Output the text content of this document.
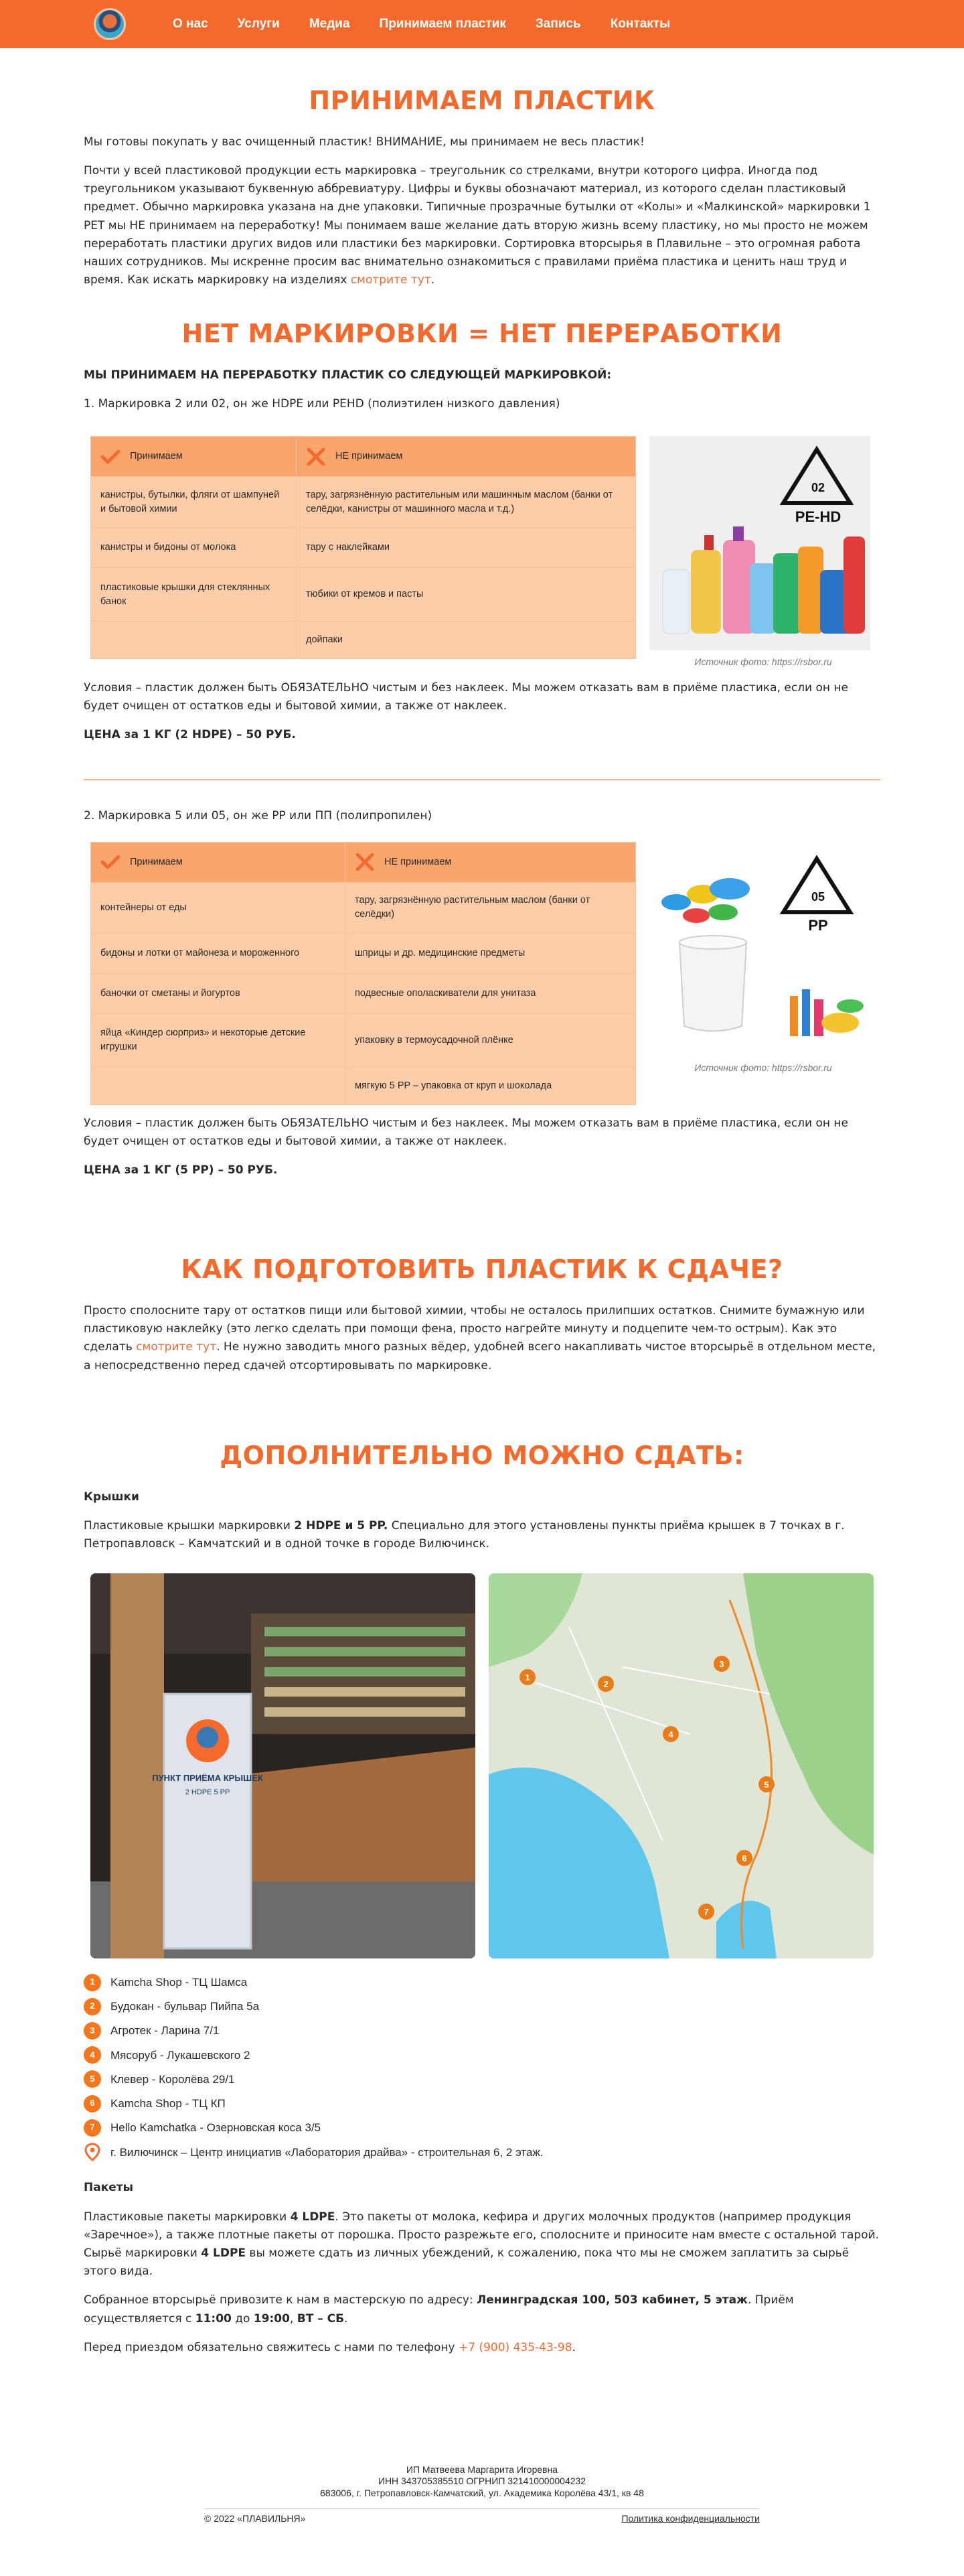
О нас Услуги Медиа Принимаем пластик Запись Контакты
ПРИНИМАЕМ ПЛАСТИК

Мы готовы покупать у вас очищенный пластик! ВНИМАНИЕ, мы принимаем не весь пластик!

Почти у всей пластиковой продукции есть маркировка – треугольник со стрелками, внутри которого цифра. Иногда под треугольником указывают буквенную аббревиатуру. Цифры и буквы обозначают материал, из которого сделан пластиковый предмет. Обычно маркировка указана на дне упаковки. Типичные прозрачные бутылки от «Колы» и «Малкинской» маркировки 1 PET мы НЕ принимаем на переработку! Мы понимаем ваше желание дать вторую жизнь всему пластику, но мы просто не можем переработать пластики других видов или пластики без маркировки. Сортировка вторсырья в Плавильне – это огромная работа наших сотрудников. Мы искренне просим вас внимательно ознакомиться с правилами приёма пластика и ценить наш труд и время. Как искать маркировку на изделиях смотрите тут.

НЕТ МАРКИРОВКИ = НЕТ ПЕРЕРАБОТКИ

МЫ ПРИНИМАЕМ НА ПЕРЕРАБОТКУ ПЛАСТИК СО СЛЕДУЮЩЕЙ МАРКИРОВКОЙ:

1. Маркировка 2 или 02, он же HDPE или PEHD (полиэтилен низкого давления)

Принимаем	НЕ принимаем

канистры, бутылки, фляги от шампуней и бытовой химии	тару, загрязнённую растительным или машинным маслом (банки от селёдки, канистры от машинного масла и т.д.)
канистры и бидоны от молока	тару с наклейками
пластиковые крышки для стеклянных банок	тюбики от кремов и пасты
	дойпаки
02
PE-HD
Источник фото: https://rsbor.ru

Условия – пластик должен быть ОБЯЗАТЕЛЬНО чистым и без наклеек. Мы можем отказать вам в приёме пластика, если он не будет очищен от остатков еды и бытовой химии, а также от наклеек.

ЦЕНА за 1 КГ (2 HDPE) – 50 РУБ.

2. Маркировка 5 или 05, он же PP или ПП (полипропилен)

Принимаем	НЕ принимаем

контейнеры от еды	тару, загрязнённую растительным маслом (банки от селёдки)
бидоны и лотки от майонеза и мороженного	шприцы и др. медицинские предметы
баночки от сметаны и йогуртов	подвесные ополаскиватели для унитаза
яйца «Киндер сюрприз» и некоторые детские игрушки	упаковку в термоусадочной плёнке
	мягкую 5 PP – упаковка от круп и шоколада
05
PP
Источник фото: https://rsbor.ru

Условия – пластик должен быть ОБЯЗАТЕЛЬНО чистым и без наклеек. Мы можем отказать вам в приёме пластика, если он не будет очищен от остатков еды и бытовой химии, а также от наклеек.

ЦЕНА за 1 КГ (5 PP) – 50 РУБ.

КАК ПОДГОТОВИТЬ ПЛАСТИК К СДАЧЕ?

Просто сполосните тару от остатков пищи или бытовой химии, чтобы не осталось прилипших остатков. Снимите бумажную или пластиковую наклейку (это легко сделать при помощи фена, просто нагрейте минуту и подцепите чем-то острым). Как это сделать смотрите тут. Не нужно заводить много разных вёдер, удобней всего накапливать чистое вторсырьё в отдельном месте, а непосредственно перед сдачей отсортировывать по маркировке.

ДОПОЛНИТЕЛЬНО МОЖНО СДАТЬ:

Крышки

Пластиковые крышки маркировки 2 HDPE и 5 PP. Специально для этого установлены пункты приёма крышек в 7 точках в г. Петропавловск – Камчатский и в одной точке в городе Вилючинск.

ПУНКТ ПРИЁМА КРЫШЕК
2 HDPE 5 PP
1
2
3
4
5
6
7
1	Kamcha Shop - ТЦ Шамса
2	Будокан - бульвар Пийпа 5а
3	Агротек - Ларина 7/1
4	Мясоруб - Лукашевского 2
5	Клевер - Королёва 29/1
6	Kamcha Shop - ТЦ КП
7	Hello Kamchatka - Озерновская коса 3/5
г. Вилючинск – Центр инициатив «Лаборатория драйва» - строительная 6, 2 этаж.

Пакеты

Пластиковые пакеты маркировки 4 LDPE. Это пакеты от молока, кефира и других молочных продуктов (например продукция «Заречное»), а также плотные пакеты от порошка. Просто разрежьте его, сполосните и приносите нам вместе с остальной тарой. Сырьё маркировки 4 LDPE вы можете сдать из личных убеждений, к сожалению, пока что мы не сможем заплатить за сырьё этого вида.

Собранное вторсырьё привозите к нам в мастерскую по адресу: Ленинградская 100, 503 кабинет, 5 этаж. Приём осуществляется с 11:00 до 19:00, ВТ – СБ.

Перед приездом обязательно свяжитесь с нами по телефону +7 (900) 435-43-98.

ИП Матвеева Маргарита Игоревна
ИНН 343705385510 ОГРНИП 321410000004232
683006, г. Петропавловск-Камчатский, ул. Академика Королёва 43/1, кв 48
© 2022 «ПЛАВИЛЬНЯ»	Политика конфиденциальности
